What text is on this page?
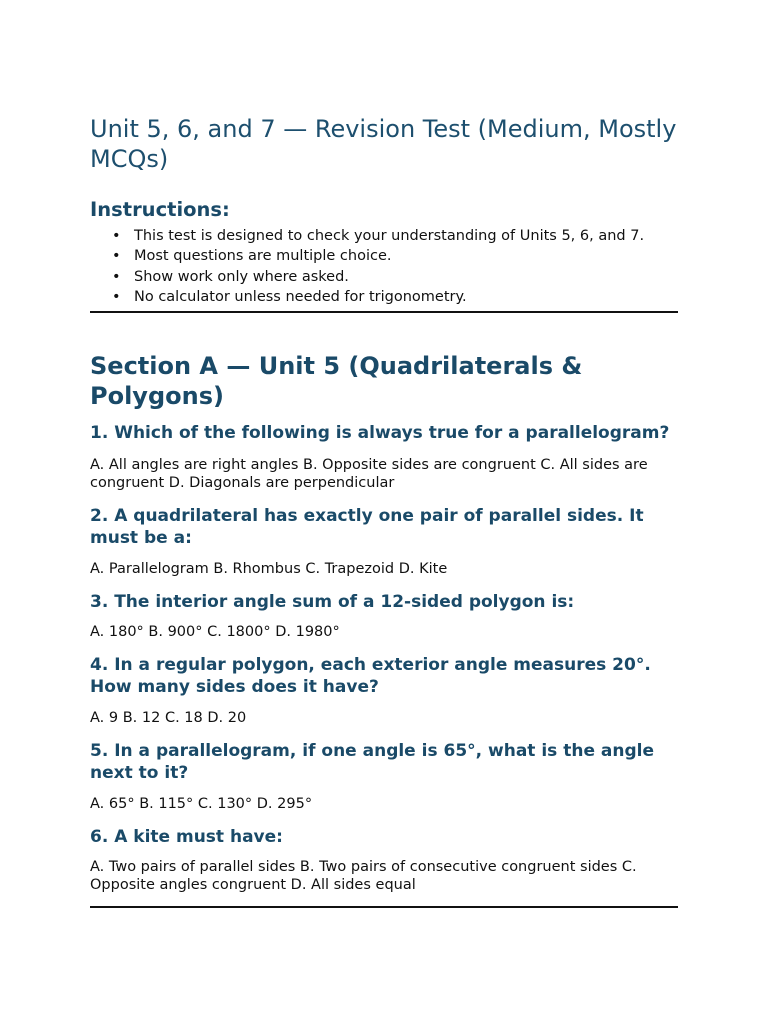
Unit 5, 6, and 7 — Revision Test (Medium, Mostly MCQs)
Instructions:
• This test is designed to check your understanding of Units 5, 6, and 7.
• Most questions are multiple choice.
• Show work only where asked.
• No calculator unless needed for trigonometry.
Section A — Unit 5 (Quadrilaterals & Polygons)
1. Which of the following is always true for a parallelogram?

A. All angles are right angles B. Opposite sides are congruent C. All sides are congruent D. Diagonals are perpendicular

2. A quadrilateral has exactly one pair of parallel sides. It must be a:

A. Parallelogram B. Rhombus C. Trapezoid D. Kite

3. The interior angle sum of a 12-sided polygon is:

A. 180° B. 900° C. 1800° D. 1980°

4. In a regular polygon, each exterior angle measures 20°. How many sides does it have?

A. 9 B. 12 C. 18 D. 20

5. In a parallelogram, if one angle is 65°, what is the angle next to it?

A. 65° B. 115° C. 130° D. 295°

6. A kite must have:

A. Two pairs of parallel sides B. Two pairs of consecutive congruent sides C. Opposite angles congruent D. All sides equal
